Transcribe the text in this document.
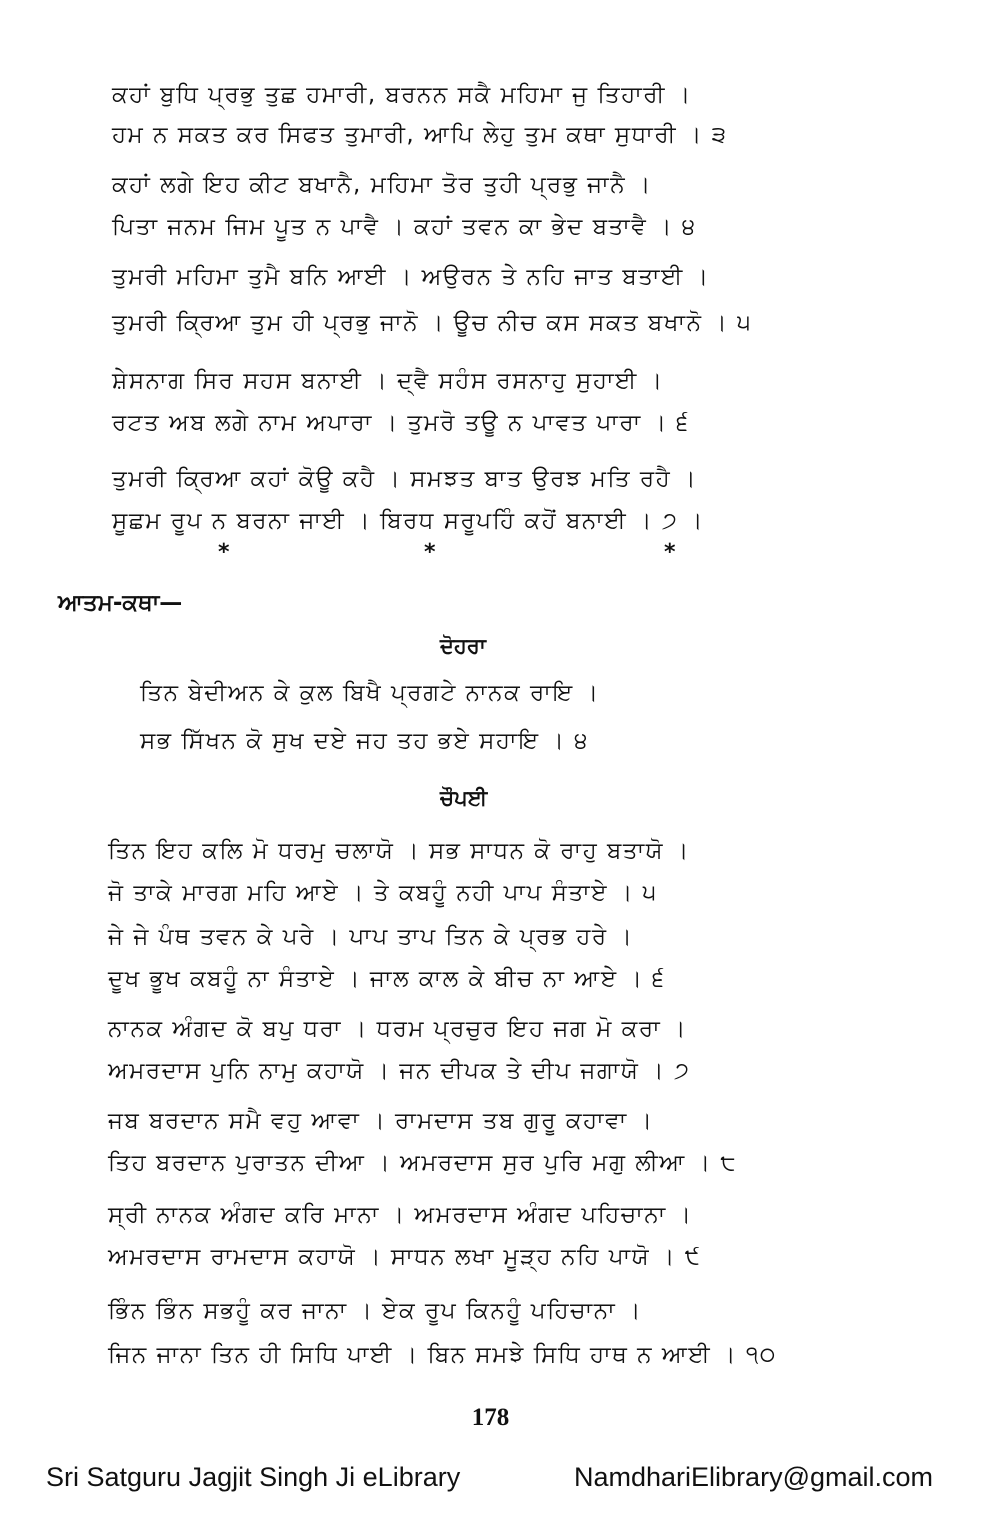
ਕਹਾਂ ਬੁਧਿ ਪ੍ਰਭੁ ਤੁਛ ਹਮਾਰੀ, ਬਰਨਨ ਸਕੈ ਮਹਿਮਾ ਜੁ ਤਿਹਾਰੀ ।
ਹਮ ਨ ਸਕਤ ਕਰ ਸਿਫਤ ਤੁਮਾਰੀ, ਆਪਿ ਲੇਹੁ ਤੁਮ ਕਥਾ ਸੁਧਾਰੀ । ੩
ਕਹਾਂ ਲਗੇ ਇਹ ਕੀਟ ਬਖਾਨੈ, ਮਹਿਮਾ ਤੋਰ ਤੁਹੀ ਪ੍ਰਭੁ ਜਾਨੈ ।
ਪਿਤਾ ਜਨਮ ਜਿਮ ਪੂਤ ਨ ਪਾਵੈ । ਕਹਾਂ ਤਵਨ ਕਾ ਭੇਦ ਬਤਾਵੈ । ੪
ਤੁਮਰੀ ਮਹਿਮਾ ਤੁਮੈ ਬਨਿ ਆਈ । ਅਉਰਨ ਤੇ ਨਹਿ ਜਾਤ ਬਤਾਈ ।
ਤੁਮਰੀ ਕ੍ਰਿਆ ਤੁਮ ਹੀ ਪ੍ਰਭੁ ਜਾਨੋ । ਊਚ ਨੀਚ ਕਸ ਸਕਤ ਬਖਾਨੋ । ੫
ਸ਼ੇਸਨਾਗ ਸਿਰ ਸਹਸ ਬਨਾਈ । ਦ੍ਵੈ ਸਹੰਸ ਰਸਨਾਹੁ ਸੁਹਾਈ ।
ਰਟਤ ਅਬ ਲਗੇ ਨਾਮ ਅਪਾਰਾ । ਤੁਮਰੋ ਤਊ ਨ ਪਾਵਤ ਪਾਰਾ । ੬
ਤੁਮਰੀ ਕ੍ਰਿਆ ਕਹਾਂ ਕੋਊ ਕਹੈ । ਸਮਝਤ ਬਾਤ ਉਰਝ ਮਤਿ ਰਹੈ ।
ਸੂਛਮ ਰੂਪ ਨ ਬਰਨਾ ਜਾਈ । ਬਿਰਧ ਸਰੂਪਹਿੰ ਕਹੋਂ ਬਨਾਈ । ੭ ।
*	*	*
ਆਤਮ-ਕਥਾ—
ਦੋਹਰਾ
ਤਿਨ ਬੇਦੀਅਨ ਕੇ ਕੁਲ ਬਿਖੈ ਪ੍ਰਗਟੇ ਨਾਨਕ ਰਾਇ ।
ਸਭ ਸਿੱਖਨ ਕੋ ਸੁਖ ਦਏ ਜਹ ਤਹ ਭਏ ਸਹਾਇ । ੪
ਚੌਪਈ
ਤਿਨ ਇਹ ਕਲਿ ਮੋ ਧਰਮੁ ਚਲਾਯੋ । ਸਭ ਸਾਧਨ ਕੋ ਰਾਹੁ ਬਤਾਯੋ ।
ਜੋ ਤਾਕੇ ਮਾਰਗ ਮਹਿ ਆਏ । ਤੇ ਕਬਹੂੰ ਨਹੀ ਪਾਪ ਸੰਤਾਏ । ੫
ਜੇ ਜੇ ਪੰਥ ਤਵਨ ਕੇ ਪਰੇ । ਪਾਪ ਤਾਪ ਤਿਨ ਕੇ ਪ੍ਰਭ ਹਰੇ ।
ਦੂਖ ਭੂਖ ਕਬਹੂੰ ਨਾ ਸੰਤਾਏ । ਜਾਲ ਕਾਲ ਕੇ ਬੀਚ ਨਾ ਆਏ । ੬
ਨਾਨਕ ਅੰਗਦ ਕੋ ਬਪੁ ਧਰਾ । ਧਰਮ ਪ੍ਰਚੁਰ ਇਹ ਜਗ ਮੋ ਕਰਾ ।
ਅਮਰਦਾਸ ਪੁਨਿ ਨਾਮੁ ਕਹਾਯੋ । ਜਨ ਦੀਪਕ ਤੇ ਦੀਪ ਜਗਾਯੋ । ੭
ਜਬ ਬਰਦਾਨ ਸਮੈ ਵਹੁ ਆਵਾ । ਰਾਮਦਾਸ ਤਬ ਗੁਰੂ ਕਹਾਵਾ ।
ਤਿਹ ਬਰਦਾਨ ਪੁਰਾਤਨ ਦੀਆ । ਅਮਰਦਾਸ ਸੁਰ ਪੁਰਿ ਮਗੁ ਲੀਆ । ੮
ਸ੍ਰੀ ਨਾਨਕ ਅੰਗਦ ਕਰਿ ਮਾਨਾ । ਅਮਰਦਾਸ ਅੰਗਦ ਪਹਿਚਾਨਾ ।
ਅਮਰਦਾਸ ਰਾਮਦਾਸ ਕਹਾਯੋ । ਸਾਧਨ ਲਖਾ ਮੂੜ੍ਹ ਨਹਿ ਪਾਯੋ । ੯
ਭਿੰਨ ਭਿੰਨ ਸਭਹੂੰ ਕਰ ਜਾਨਾ । ਏਕ ਰੂਪ ਕਿਨਹੂੰ ਪਹਿਚਾਨਾ ।
ਜਿਨ ਜਾਨਾ ਤਿਨ ਹੀ ਸਿਧਿ ਪਾਈ । ਬਿਨ ਸਮਝੇ ਸਿਧਿ ਹਾਥ ਨ ਆਈ । ੧੦
178
Sri Satguru Jagjit Singh Ji eLibrary	NamdhariElibrary@gmail.com
